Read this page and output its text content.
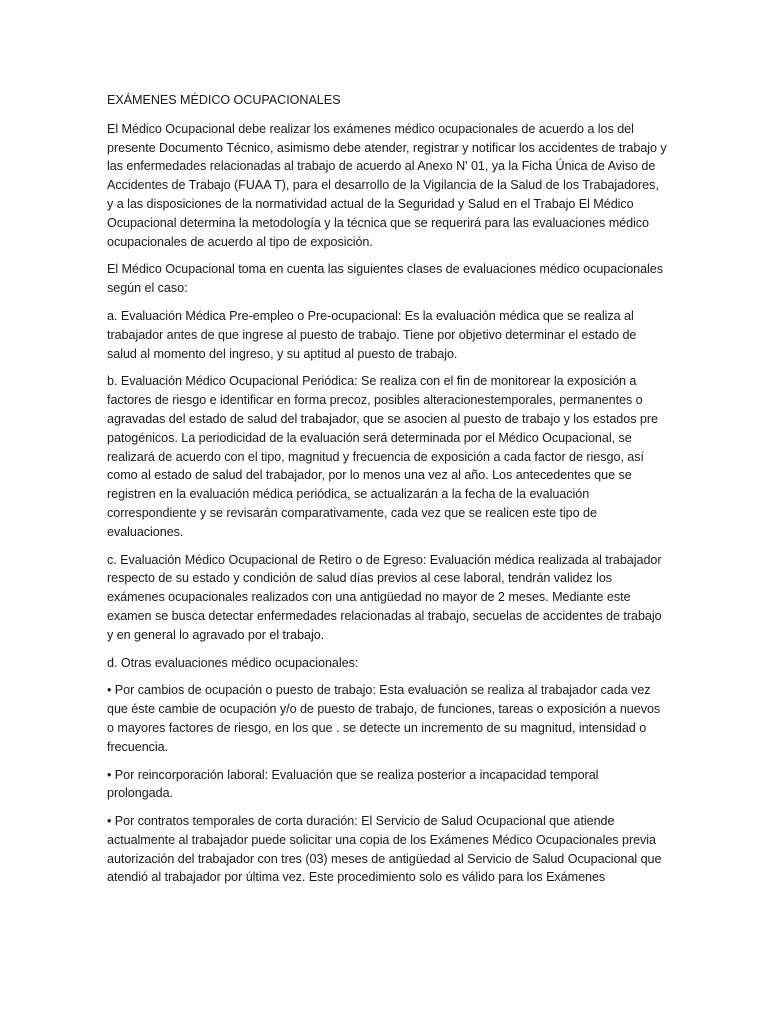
EXÁMENES MÉDICO OCUPACIONALES

El Médico Ocupacional debe realizar los exámenes médico ocupacionales de acuerdo a los del presente Documento Técnico, asimismo debe atender, registrar y notificar los accidentes de trabajo y las enfermedades relacionadas al trabajo de acuerdo al Anexo N' 01, ya la Ficha Única de Aviso de Accidentes de Trabajo (FUAA T), para el desarrollo de la Vigilancia de la Salud de los Trabajadores, y a las disposiciones de la normatividad actual de la Seguridad y Salud en el Trabajo El Médico Ocupacional determina la metodología y la técnica que se requerirá para las evaluaciones médico ocupacionales de acuerdo al tipo de exposición.

El Médico Ocupacional toma en cuenta las siguientes clases de evaluaciones médico ocupacionales según el caso:

a. Evaluación Médica Pre-empleo o Pre-ocupacional: Es la evaluación médica que se realiza al trabajador antes de que ingrese al puesto de trabajo. Tiene por objetivo determinar el estado de salud al momento del ingreso, y su aptitud al puesto de trabajo.

b. Evaluación Médico Ocupacional Periódica: Se realiza con el fin de monitorear la exposición a factores de riesgo e identificar en forma precoz, posibles alteracionestemporales, permanentes o agravadas del estado de salud del trabajador, que se asocien al puesto de trabajo y los estados pre patogénicos. La periodicidad de la evaluación será determinada por el Médico Ocupacional, se realizará de acuerdo con el tipo, magnitud y frecuencia de exposición a cada factor de riesgo, así como al estado de salud del trabajador, por lo menos una vez al año. Los antecedentes que se registren en la evaluación médica periódica, se actualizarán a la fecha de la evaluación correspondiente y se revisarán comparativamente, cada vez que se realicen este tipo de evaluaciones.

c. Evaluación Médico Ocupacional de Retiro o de Egreso: Evaluación médica realizada al trabajador respecto de su estado y condición de salud días previos al cese laboral, tendrán validez los exámenes ocupacionales realizados con una antigüedad no mayor de 2 meses. Mediante este examen se busca detectar enfermedades relacionadas al trabajo, secuelas de accidentes de trabajo y en general lo agravado por el trabajo.

d. Otras evaluaciones médico ocupacionales:

• Por cambios de ocupación o puesto de trabajo: Esta evaluación se realiza al trabajador cada vez que éste cambie de ocupación y/o de puesto de trabajo, de funciones, tareas o exposición a nuevos o mayores factores de riesgo, en los que . se detecte un incremento de su magnitud, intensidad o frecuencia.

• Por reincorporación laboral: Evaluación que se realiza posterior a incapacidad temporal prolongada.

• Por contratos temporales de corta duración: El Servicio de Salud Ocupacional que atiende actualmente al trabajador puede solicitar una copia de los Exámenes Médico Ocupacionales previa autorización del trabajador con tres (03) meses de antigüedad al Servicio de Salud Ocupacional que atendió al trabajador por última vez. Este procedimiento solo es válido para los Exámenes
